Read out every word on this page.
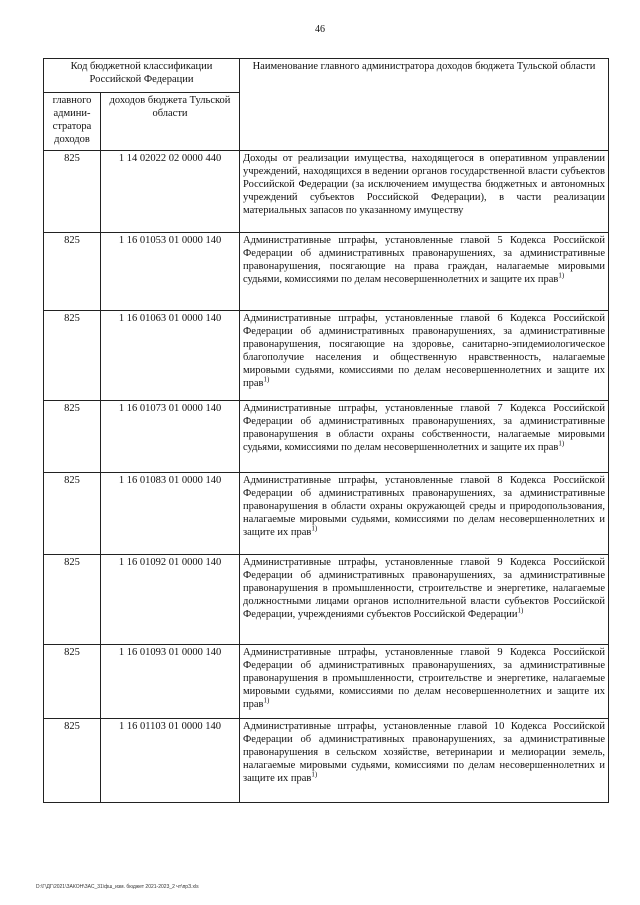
46
Код бюджетной классификации Российской Федерации		Наименование главного администратора доходов бюджета Тульской области
главного админи-стратора доходов	доходов бюджета Тульской области	
825	1 14 02022 02 0000 440	Доходы от реализации имущества, находящегося в оперативном управлении учреждений, находящихся в ведении органов государственной власти субъектов Российской Федерации (за исключением имущества бюджетных и автономных учреждений субъектов Российской Федерации), в части реализации материальных запасов по указанному имуществу
825	1 16 01053 01 0000 140	Административные штрафы, установленные главой 5 Кодекса Российской Федерации об административных правонарушениях, за административные правонарушения, посягающие на права граждан, налагаемые мировыми судьями, комиссиями по делам несовершеннолетних и защите их прав$^{1)}$
825	1 16 01063 01 0000 140	Административные штрафы, установленные главой 6 Кодекса Российской Федерации об административных правонарушениях, за административные правонарушения, посягающие на здоровье, санитарно-эпидемиологическое благополучие населения и общественную нравственность, налагаемые мировыми судьями, комиссиями по делам несовершеннолетних и защите их прав$^{1)}$
825	1 16 01073 01 0000 140	Административные штрафы, установленные главой 7 Кодекса Российской Федерации об административных правонарушениях, за административные правонарушения в области охраны собственности, налагаемые мировыми судьями, комиссиями по делам несовершеннолетних и защите их прав$^{1)}$
825	1 16 01083 01 0000 140	Административные штрафы, установленные главой 8 Кодекса Российской Федерации об административных правонарушениях, за административные правонарушения в области охраны окружающей среды и природопользования, налагаемые мировыми судьями, комиссиями по делам несовершеннолетних и защите их прав$^{1)}$
825	1 16 01092 01 0000 140	Административные штрафы, установленные главой 9 Кодекса Российской Федерации об административных правонарушениях, за административные правонарушения в промышленности, строительстве и энергетике, налагаемые должностными лицами органов исполнительной власти субъектов Российской Федерации, учреждениями субъектов Российской Федерации$^{1)}$
825	1 16 01093 01 0000 140	Административные штрафы, установленные главой 9 Кодекса Российской Федерации об административных правонарушениях, за административные правонарушения в промышленности, строительстве и энергетике, налагаемые мировыми судьями, комиссиями по делам несовершеннолетних и защите их прав$^{1)}$
825	1 16 01103 01 0000 140	Административные штрафы, установленные главой 10 Кодекса Российской Федерации об административных правонарушениях, за административные правонарушения в сельском хозяйстве, ветеринарии и мелиорации земель, налагаемые мировыми судьями, комиссиями по делам несовершеннолетних и защите их прав$^{1)}$
D:\Г\ДГ\2021\ЗАКОН\ЗАС_31\фш_изм. бюджет 2021-2023_2 чт\прЗ.xls
